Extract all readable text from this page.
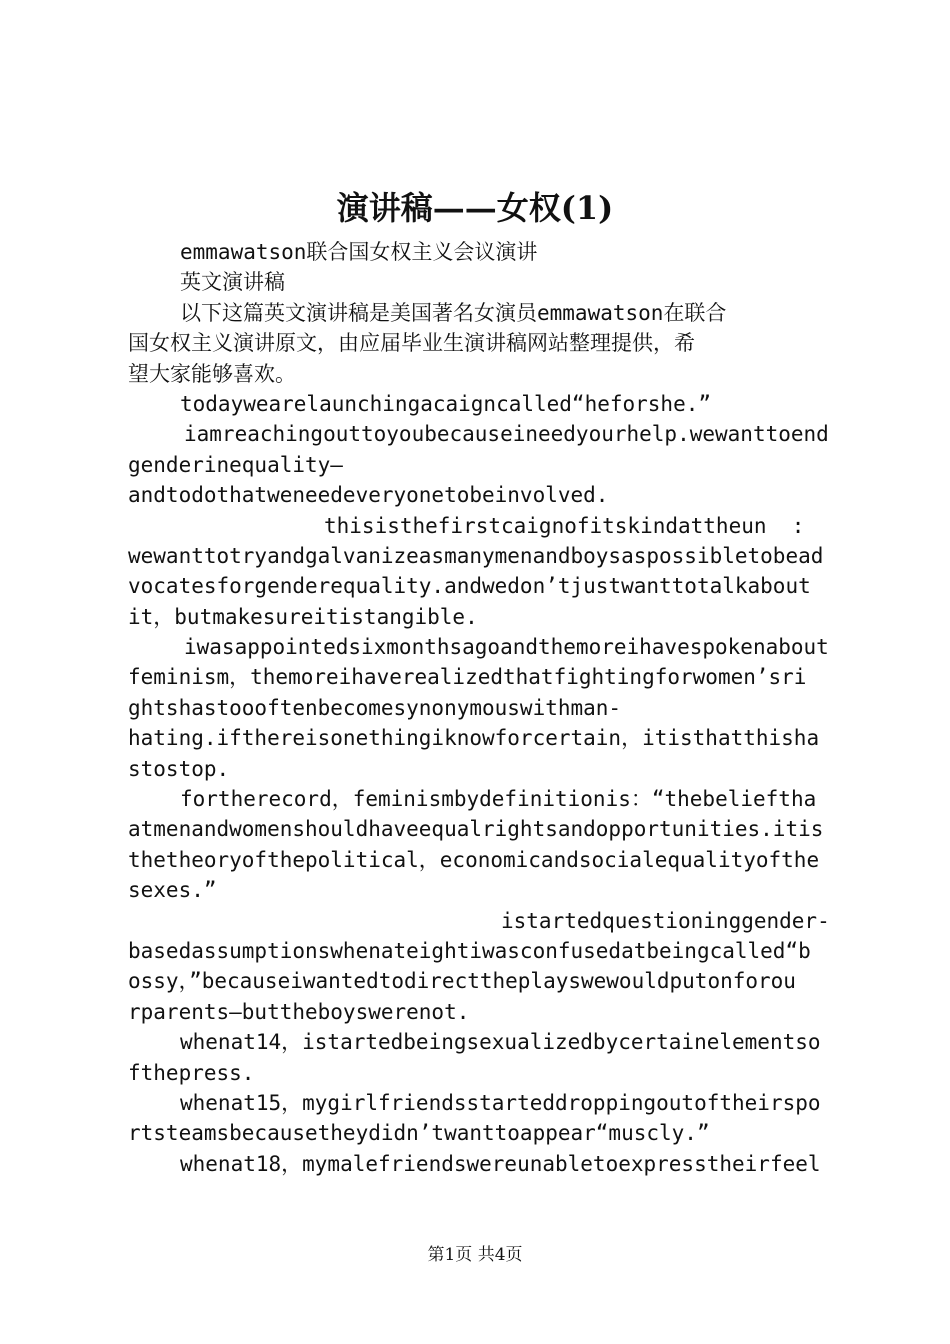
演讲稿——女权(1)
emmawatson联合国女权主义会议演讲
英文演讲稿
以下这篇英文演讲稿是美国著名女演员emmawatson在联合
国女权主义演讲原文，由应届毕业生演讲稿网站整理提供，希
望大家能够喜欢。
todaywearelaunchingacaigncalled“heforshe.”
iamreachingouttoyoubecauseineedyourhelp.wewanttoend
genderinequality—
andtodothatweneedeveryonetobeinvolved.
thisisthefirstcaignofitskindattheun  :
wewanttotryandgalvanizeasmanymenandboysaspossibletobead
vocatesforgenderequality.andwedon’tjustwanttotalkabout
it，butmakesureitistangible.
iwasappointedsixmonthsagoandthemoreihavespokenabout
feminism，themoreihaverealizedthatfightingforwomen’sri
ghtshastoooftenbecomesynonymouswithman-
hating.ifthereisonethingiknowforcertain，itisthatthisha
stostop.
fortherecord，feminismbydefinitionis：“thebelieftha
atmenandwomenshouldhaveequalrightsandopportunities.itis
thetheoryofthepolitical，economicandsocialequalityofthe
sexes.”
istartedquestioninggender-
basedassumptionswhenateightiwasconfusedatbeingcalled“b
ossy，”becauseiwantedtodirecttheplayswewouldputonforou
rparents—buttheboyswerenot.
whenat14，istartedbeingsexualizedbycertainelementso
fthepress.
whenat15，mygirlfriendsstarteddroppingoutoftheirspo
rtsteamsbecausetheydidn’twanttoappear“muscly.”
whenat18，mymalefriendswereunabletoexpresstheirfeel
第1页 共4页
